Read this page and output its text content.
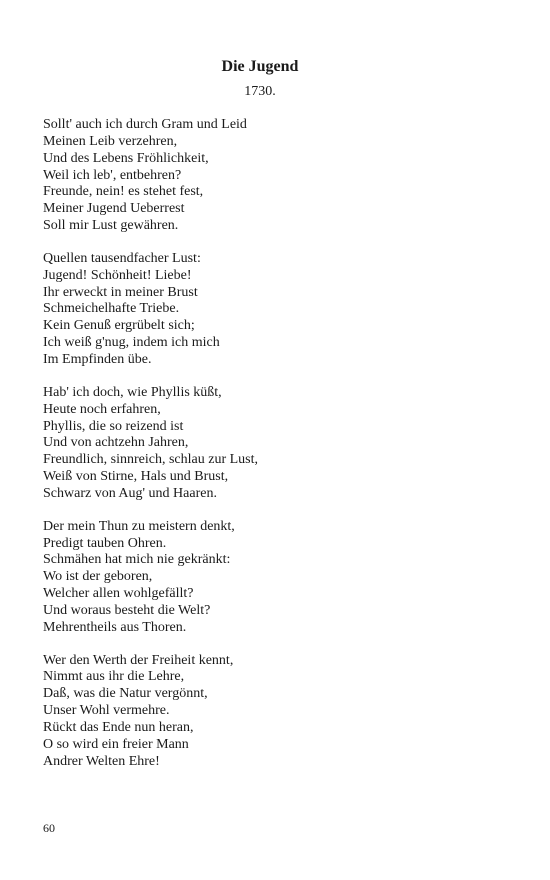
Die Jugend
1730.
Sollt' auch ich durch Gram und Leid
Meinen Leib verzehren,
Und des Lebens Fröhlichkeit,
Weil ich leb', entbehren?
Freunde, nein! es stehet fest,
Meiner Jugend Ueberrest
Soll mir Lust gewähren.
Quellen tausendfacher Lust:
Jugend! Schönheit! Liebe!
Ihr erweckt in meiner Brust
Schmeichelhafte Triebe.
Kein Genuß ergrübelt sich;
Ich weiß g'nug, indem ich mich
Im Empfinden übe.
Hab' ich doch, wie Phyllis küßt,
Heute noch erfahren,
Phyllis, die so reizend ist
Und von achtzehn Jahren,
Freundlich, sinnreich, schlau zur Lust,
Weiß von Stirne, Hals und Brust,
Schwarz von Aug' und Haaren.
Der mein Thun zu meistern denkt,
Predigt tauben Ohren.
Schmähen hat mich nie gekränkt:
Wo ist der geboren,
Welcher allen wohlgefällt?
Und woraus besteht die Welt?
Mehrentheils aus Thoren.
Wer den Werth der Freiheit kennt,
Nimmt aus ihr die Lehre,
Daß, was die Natur vergönnt,
Unser Wohl vermehre.
Rückt das Ende nun heran,
O so wird ein freier Mann
Andrer Welten Ehre!
60
